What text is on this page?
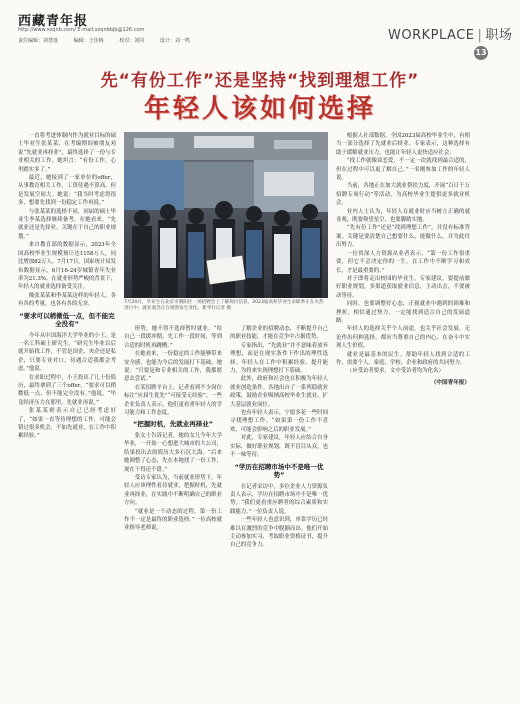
西藏青年报
http://www.xzqnb.com/ E-mail:xzqnbbjb@126.com
责任编辑：刘慧落	编辑：王佳梅	校对：刘同	设计：刘一鸣	WORKPLACE | 职场
13
先“有份工作”还是坚持“找到理想工作”
年轻人该如何选择

一直将考进体制内作为就业目标的硕士毕业生张某某，在考编期间被朋友劝说“先就业再择业”，最终选择了一份与专业相关的工作，她坦言：“有份工作，心里踏实多了。”

最近，她接到了一家单位的offer，从事教育相关工作，工资待遇不算高，但是发展空间大。她说：“我当时考虑得很多，想要先找到一份稳定工作再说。”

与张某某的选择不同，同届的硕士毕业生李某选择继续备考，在她看来，“先就业还是先择业，关键在于自己的职业规划。”

来自教育部的数据显示，2023年全国高校毕业生规模预计达1158万人，同比增加82万人。7月17日，国家统计局发布数据显示，6月16-24岁城镇青年失业率为21.3%。在就业形势严峻的背景下，年轻人的就业选择备受关注。

像张某某和李某某这样的年轻人，各有各的考量，也各有各的无奈。

“要求可以稍微低一点，但不能完全没有”

今年从中国海洋大学毕业的小王，是一名工科硕士研究生。“研究生毕业以后就开始找工作，不管是国企、央企还是私企，只要专业对口、待遇合适我都会考虑。”他说。

在求职过程中，小王投出了几十份简历，最终拿到了三个offer。“要求可以稍微低一点，但不能完全没有。”他说，“毕竟经济压力在那里，先就业再说。”

张某某则表示自己已经考虑好了，“如果一直等待理想的工作，可能会错过很多机会，不如先就业，在工作中积累经验。”

7月20日，毕业生在北京市朝阳区一场招聘会上了解岗位信息，2023届高校毕业生求职季正在火热进行中，就业观念正在悄然发生变化。新华社记者 摄

形势，她不得不选择暂时就业。“给自己一段缓冲期，先工作一段时间，等到合适的时机再跳槽。”

在她看来，一份稳定的工作能够带来安全感，也能为今后的发展打下基础。她说：“只要是和专业相关的工作，我都愿意去尝试。”

在某招聘平台上，记者看到不少岗位标注“应届生优先”“可接受无经验”。一些企业负责人表示，他们更看重年轻人的学习能力和工作态度。

“把握时机，先就业再择业”

张女士告诉记者，她的女儿今年大学毕业，一开始一心想进大城市的大公司，结果投出去的简历大多石沉大海。“后来她调整了心态，先在本地找了一份工作，现在干得还不错。”

受访专家认为，当前就业形势下，年轻人应该理性看待就业，把握时机，先就业再择业，在实践中不断明确自己的职业方向。

“就业是一个动态的过程，第一份工作不一定是最终的职业选择。”一位高校就业指导老师说。

了解企业的招聘动态，不断提升自己的职业技能，才能在竞争中占据优势。

专家指出，“先就业”并不意味着放弃理想，而是在现实条件下作出的理性选择。年轻人在工作中积累经验、提升能力，为将来实现理想打下基础。

此外，政府和社会也在积极为年轻人就业创造条件。各地出台了一系列稳就业政策，鼓励企业吸纳高校毕业生就业，扩大基层就业岗位。

也有年轻人表示，宁愿多花一些时间寻找理想工作。“如果第一份工作不喜欢，可能会影响之后的职业发展。”

对此，专家建议，年轻人应结合自身实际，做好职业规划，既不盲目从众，也不一味等待。

“学历在招聘市场中不是唯一优势”

在记者采访中，多位企业人力资源负责人表示，学历在招聘市场中不是唯一优势。“我们更看重应聘者的综合素质和实践能力。”一位负责人说。

一些年轻人也意识到，单靠学历已经难以在激烈的竞争中脱颖而出。他们开始主动参加实习、考取职业资格证书，提升自己的竞争力。

根据人社部数据，全国2023届高校毕业生中，有相当一部分选择了先就业后择业。专家表示，这种选择有助于缓解就业压力，也能让年轻人更快适应社会。

“找工作就像谈恋爱，不一定一次就找到最合适的，但在过程中可以更了解自己。”一名刚参加工作的年轻人说。

当前，各地正在加大就业帮扶力度，开展“百日千万招聘专项行动”等活动，为高校毕业生提供更多就业机会。

业内人士认为，年轻人在就业时应当树立正确的就业观，既要仰望星空，也要脚踏实地。

“先有份工作”还是“找到理想工作”，并没有标准答案。关键是要清楚自己想要什么，能做什么，并为此付出努力。

一位资深人力资源从业者表示，“第一份工作很重要，但它不会决定你的一生。在工作中不断学习和成长，才是最重要的。”

对于即将走出校园的毕业生，专家建议，要提前做好职业规划，多渠道获取就业信息，主动出击，不要被动等待。

同时，也要调整好心态，正视就业中遇到的困难和挫折，相信通过努力，一定能找到适合自己的发展道路。

年轻人的选择关乎个人前途，也关乎社会发展。无论作出何种选择，都应当尊重自己的内心，在奋斗中实现人生价值。

就业是最基本的民生。帮助年轻人找到合适的工作，需要个人、家庭、学校、企业和政府的共同努力。

（应受访者要求，文中受访者均为化名）

（中国青年报）
